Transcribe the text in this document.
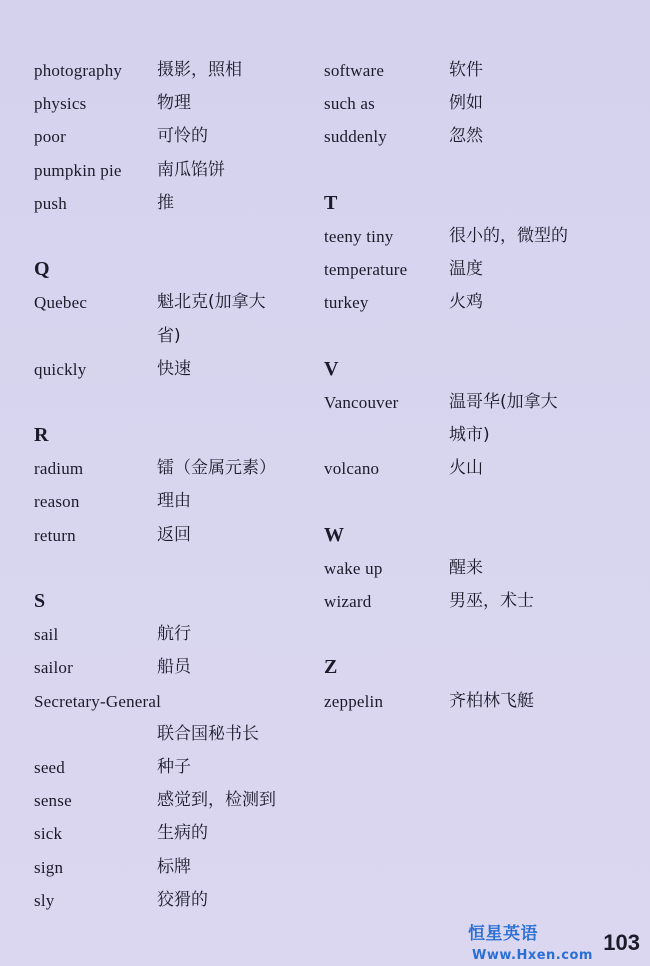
photography 摄影，照相
physics	物理
poor	可怜的
pumpkin pie 南瓜馅饼
push	推
Q
Quebec	魁北克(加拿大
省)
quickly	快速
R
radium	镭（金属元素）
reason	理由
return	返回
S
sail	航行
sailor	船员
Secretary-General
联合国秘书长
seed	种子
sense	感觉到，检测到
sick	生病的
sign	标牌
sly	狡猾的
software	软件
such as	例如
suddenly	忽然
T
teeny tiny	很小的，微型的
temperature 温度
turkey	火鸡
V
Vancouver	温哥华(加拿大
城市)
volcano	火山
W
wake up	醒来
wizard	男巫，术士
Z
zeppelin	齐柏林飞艇
恒星英语Www.Hxen.com
103
